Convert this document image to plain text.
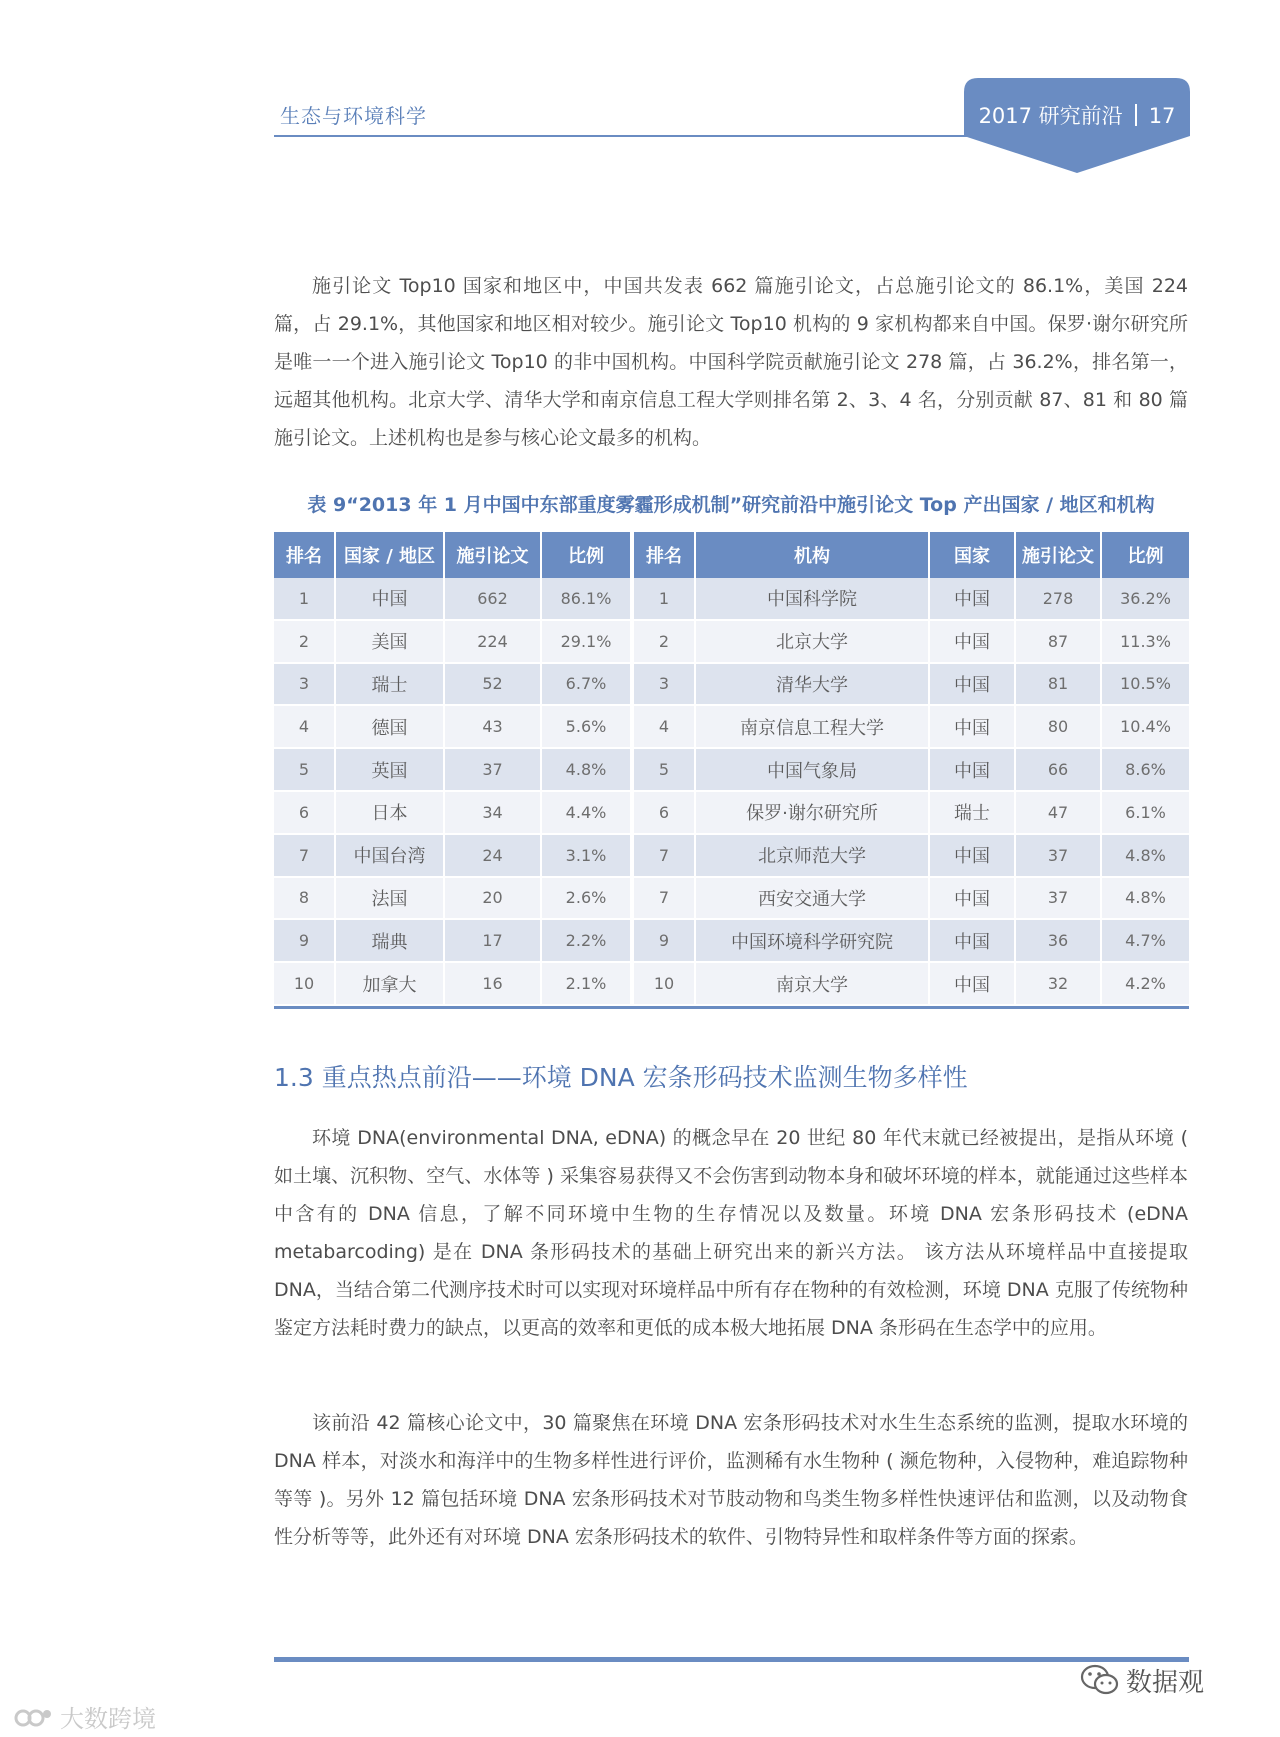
生态与环境科学	2017 研究前沿 17

施引论文 Top10 国家和地区中，中国共发表 662 篇施引论文，占总施引论文的 86.1%，美国 224 篇，占 29.1%，其他国家和地区相对较少。施引论文 Top10 机构的 9 家机构都来自中国。保罗·谢尔研究所是唯一一个进入施引论文 Top10 的非中国机构。中国科学院贡献施引论文 278 篇，占 36.2%，排名第一，远超其他机构。北京大学、清华大学和南京信息工程大学则排名第 2、3、4 名，分别贡献 87、81 和 80 篇施引论文。上述机构也是参与核心论文最多的机构。

表 9“2013 年 1 月中国中东部重度雾霾形成机制”研究前沿中施引论文 Top 产出国家 / 地区和机构
排名	国家 / 地区	施引论文	比例
1	中国	662	86.1%
2	美国	224	29.1%
3	瑞士	52	6.7%
4	德国	43	5.6%
5	英国	37	4.8%
6	日本	34	4.4%
7	中国台湾	24	3.1%
8	法国	20	2.6%
9	瑞典	17	2.2%
10	加拿大	16	2.1%
排名	机构	国家	施引论文	比例
1	中国科学院	中国	278	36.2%
2	北京大学	中国	87	11.3%
3	清华大学	中国	81	10.5%
4	南京信息工程大学	中国	80	10.4%
5	中国气象局	中国	66	8.6%
6	保罗·谢尔研究所	瑞士	47	6.1%
7	北京师范大学	中国	37	4.8%
7	西安交通大学	中国	37	4.8%
9	中国环境科学研究院	中国	36	4.7%
10	南京大学	中国	32	4.2%
1.3 重点热点前沿——环境 DNA 宏条形码技术监测生物多样性

环境 DNA(environmental DNA, eDNA) 的概念早在 20 世纪 80 年代末就已经被提出，是指从环境 ( 如土壤、沉积物、空气、水体等 ) 采集容易获得又不会伤害到动物本身和破坏环境的样本，就能通过这些样本中含有的 DNA 信息，了解不同环境中生物的生存情况以及数量。环境 DNA 宏条形码技术 (eDNA metabarcoding) 是在 DNA 条形码技术的基础上研究出来的新兴方法。 该方法从环境样品中直接提取 DNA，当结合第二代测序技术时可以实现对环境样品中所有存在物种的有效检测，环境 DNA 克服了传统物种鉴定方法耗时费力的缺点，以更高的效率和更低的成本极大地拓展 DNA 条形码在生态学中的应用。

该前沿 42 篇核心论文中，30 篇聚焦在环境 DNA 宏条形码技术对水生生态系统的监测，提取水环境的 DNA 样本，对淡水和海洋中的生物多样性进行评价，监测稀有水生物种 ( 濒危物种，入侵物种，难追踪物种等等 )。另外 12 篇包括环境 DNA 宏条形码技术对节肢动物和鸟类生物多样性快速评估和监测，以及动物食性分析等等，此外还有对环境 DNA 宏条形码技术的软件、引物特异性和取样条件等方面的探索。

大数跨境
数据观
